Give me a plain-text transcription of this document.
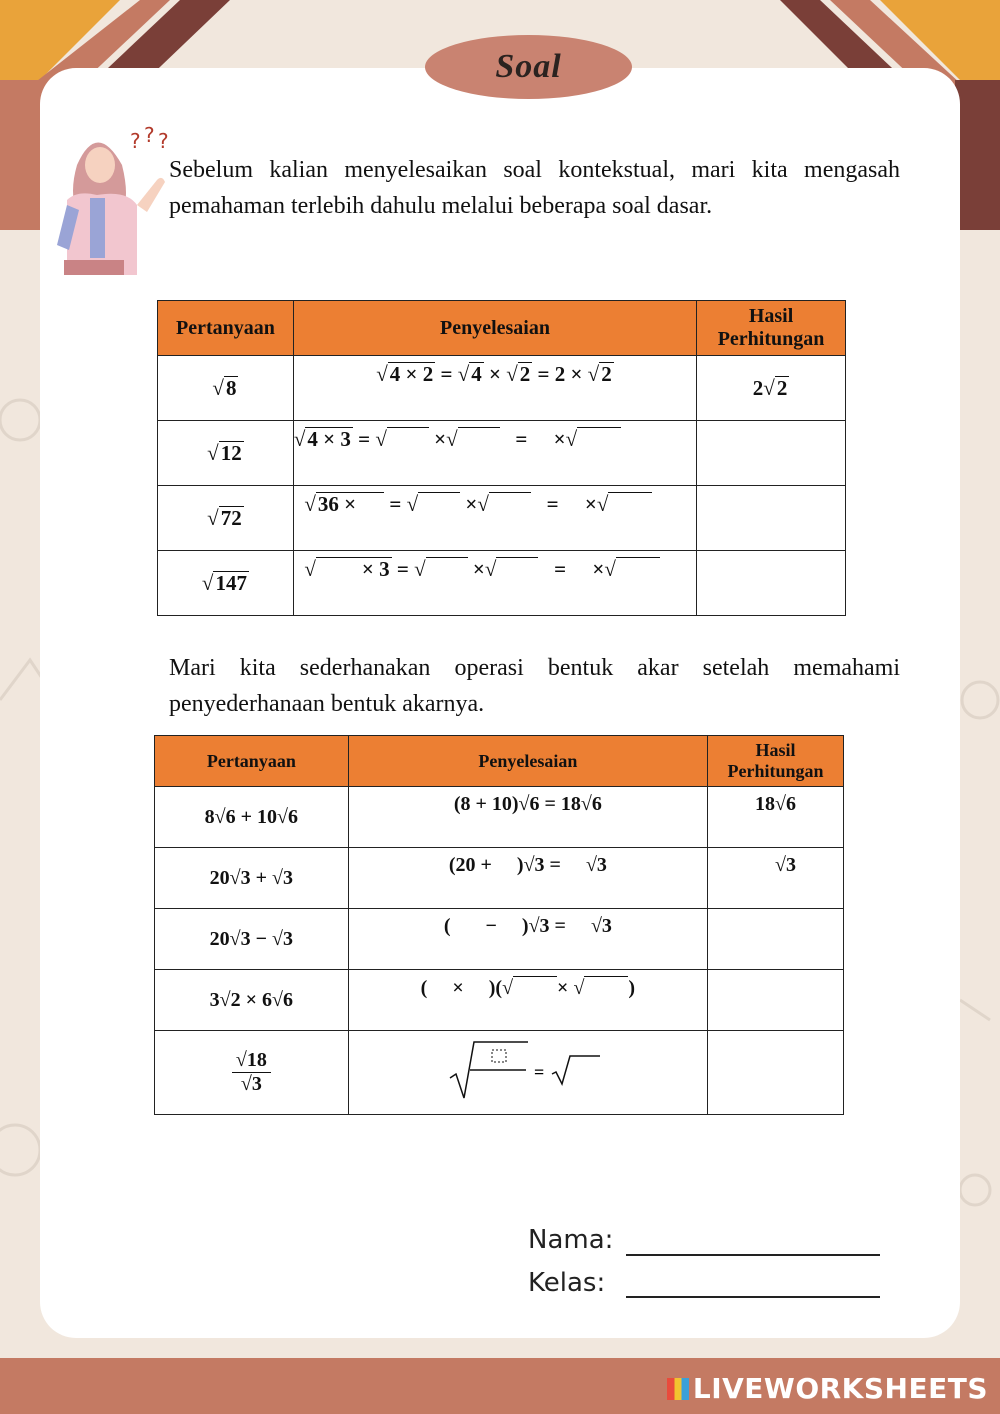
Soal
? ? ?
Sebelum kalian menyelesaikan soal kontekstual, mari kita mengasah pemahaman terlebih dahulu melalui beberapa soal dasar.
Pertanyaan	Penyelesaian	Hasil Perhitungan
√8	√4 × 2 = √4 × √2 = 2 × √2	2√2
√12	√4 × 3 = √  ×√    =     ×√	
√72	√36 ×  = √  ×√    =     ×√	
√147	√ × 3 = √  ×√    =     ×√	
Mari kita sederhanakan operasi bentuk akar setelah memahami penyederhanaan bentuk akarnya.
Pertanyaan	Penyelesaian	Hasil Perhitungan
8√6 + 10√6	(8 + 10)√6 = 18√6	18√6
20√3 + √3	(20 + )√3 = √3	√3
20√3 − √3	( − )√3 = √3	
3√2 × 6√6	( × )(√ × √ )	

$\frac{√18}{√3}$	=	

Nama:
Kelas:
LIVEWORKSHEETS
